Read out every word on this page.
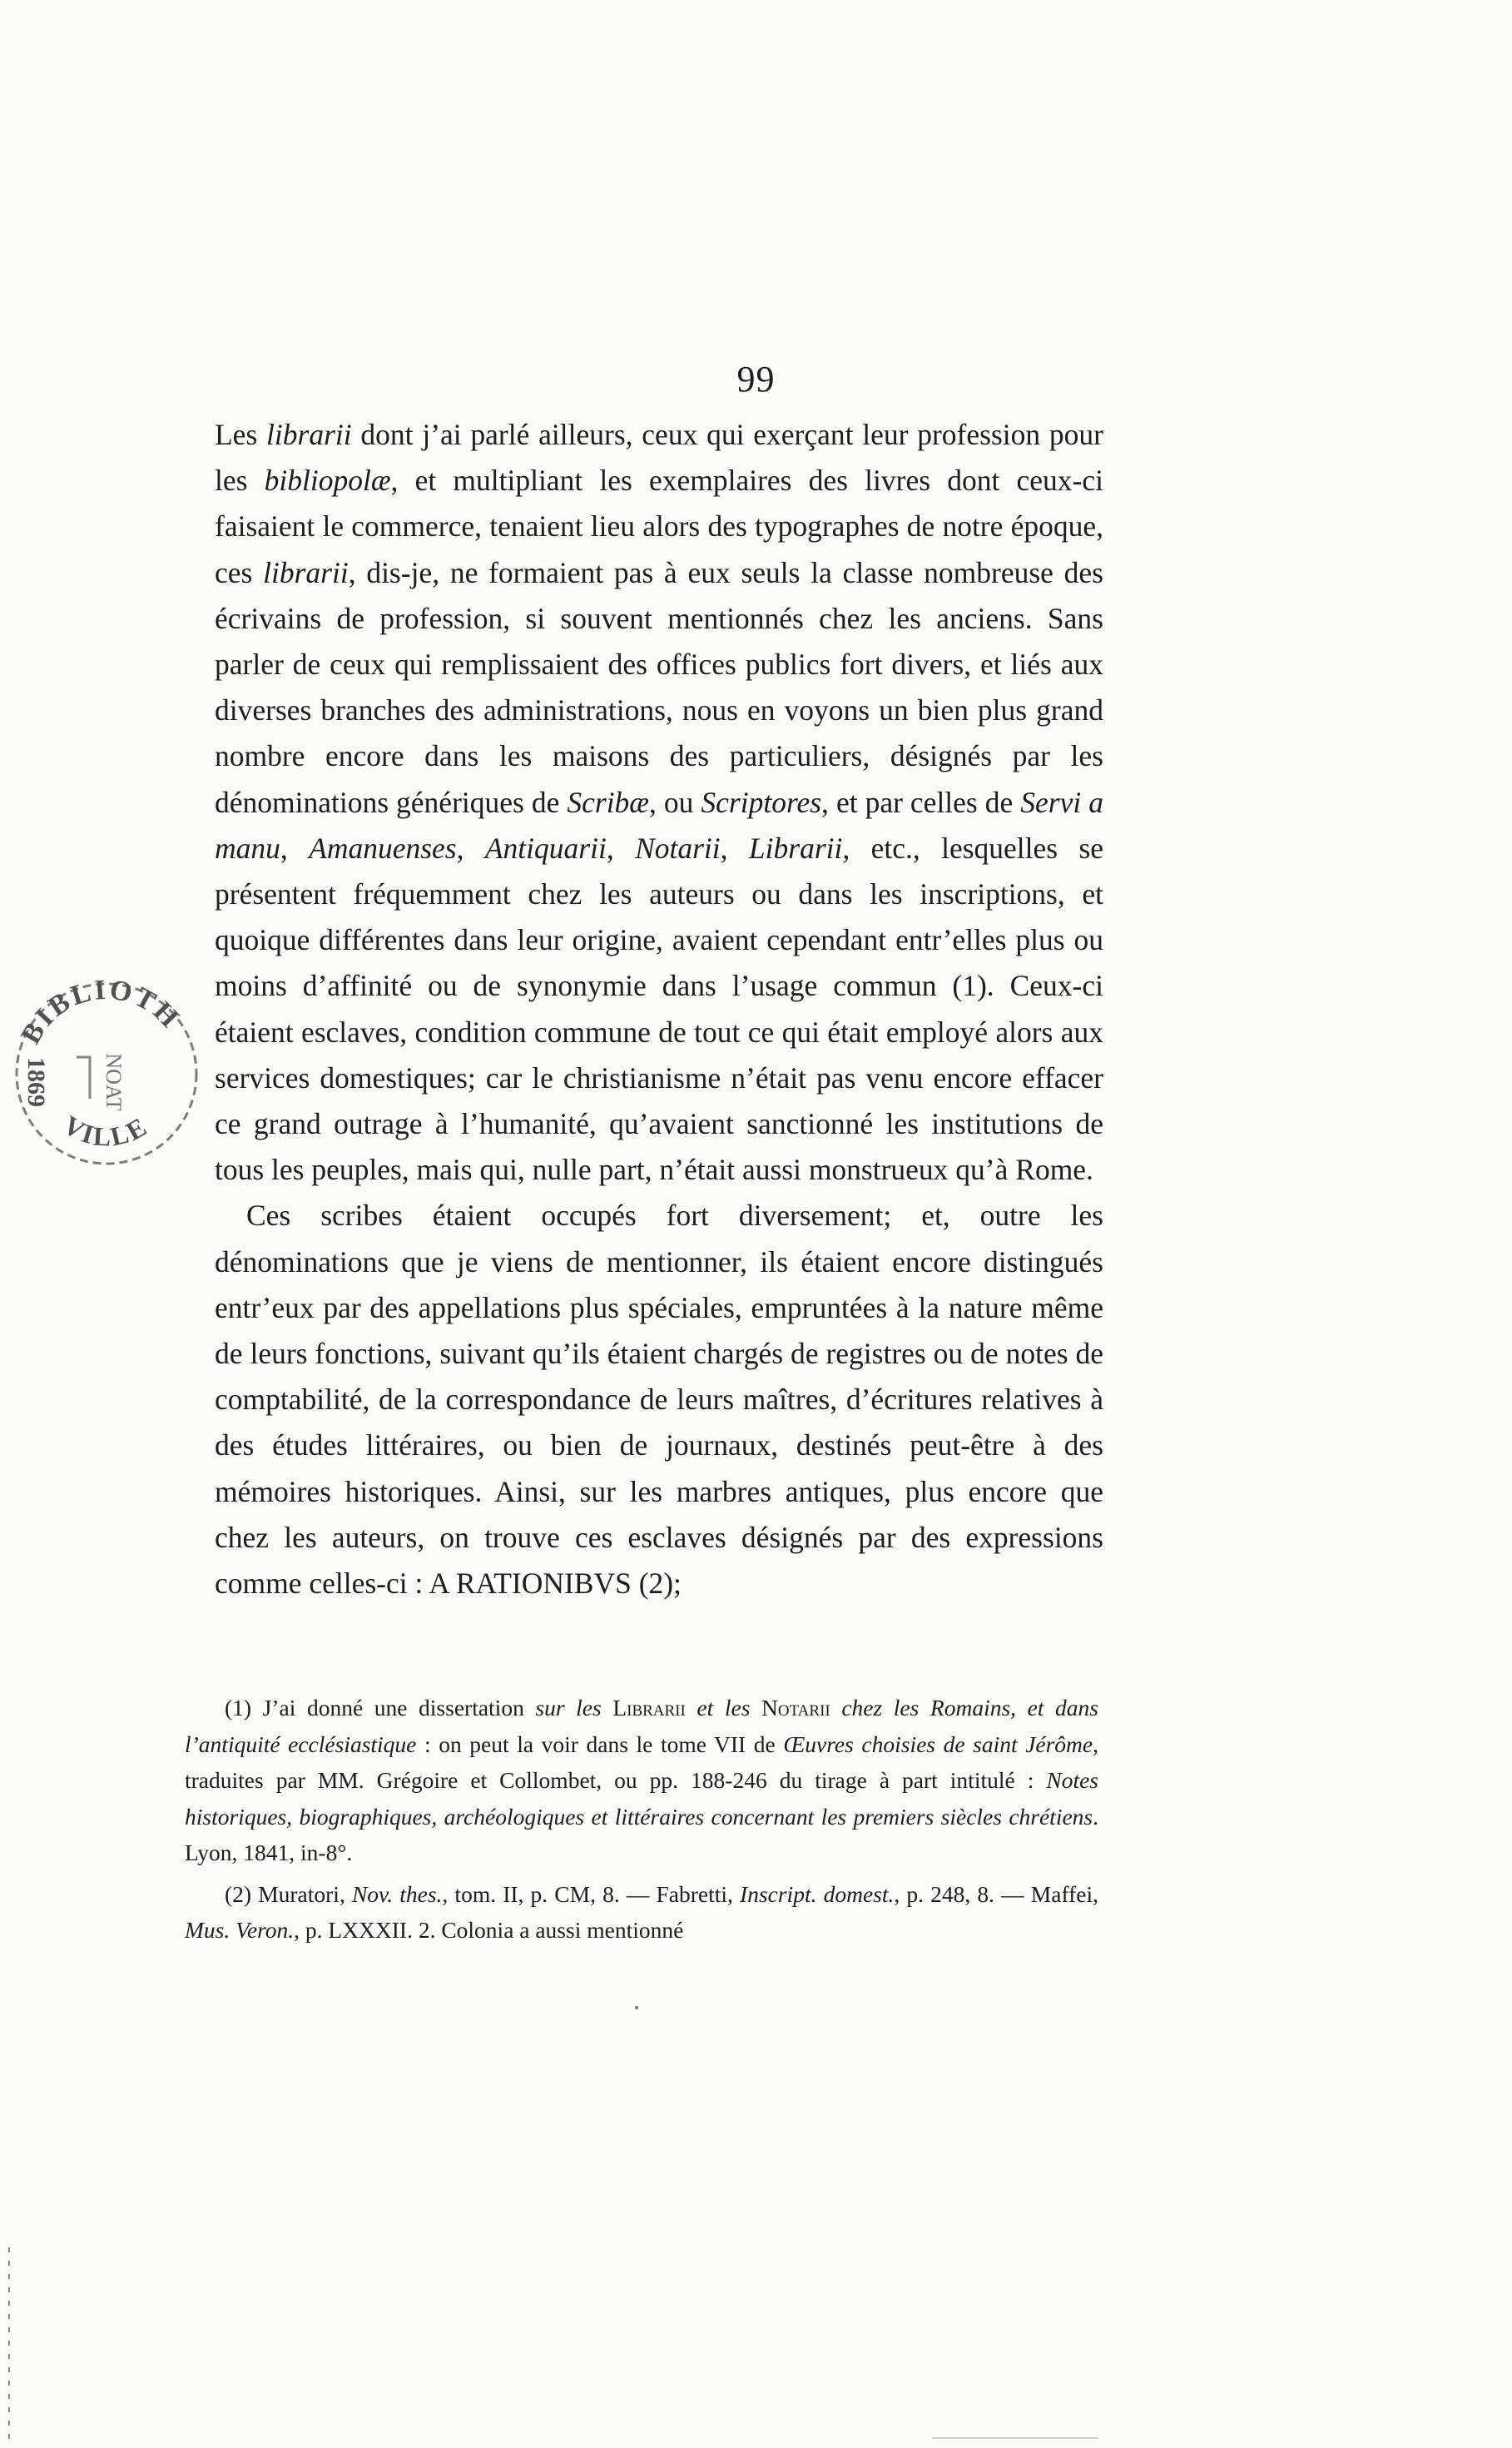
99

Les librarii dont j’ai parlé ailleurs, ceux qui exerçant leur profession pour les bibliopolæ, et multipliant les exemplaires des livres dont ceux-ci faisaient le commerce, tenaient lieu alors des typographes de notre époque, ces librarii, dis-je, ne formaient pas à eux seuls la classe nombreuse des écrivains de profession, si souvent mentionnés chez les anciens. Sans parler de ceux qui remplissaient des offices publics fort divers, et liés aux diverses branches des administrations, nous en voyons un bien plus grand nombre encore dans les maisons des particuliers, désignés par les dénominations génériques de Scribæ, ou Scriptores, et par celles de Servi a manu, Amanuenses, Antiquarii, Notarii, Librarii, etc., lesquelles se présentent fréquemment chez les auteurs ou dans les inscriptions, et quoique différentes dans leur origine, avaient cependant entr’elles plus ou moins d’affinité ou de synonymie dans l’usage commun (1). Ceux-ci étaient esclaves, condition commune de tout ce qui était employé alors aux services domestiques; car le christianisme n’était pas venu encore effacer ce grand outrage à l’humanité, qu’avaient sanctionné les institutions de tous les peuples, mais qui, nulle part, n’était aussi monstrueux qu’à Rome.

Ces scribes étaient occupés fort diversement; et, outre les dénominations que je viens de mentionner, ils étaient encore distingués entr’eux par des appellations plus spéciales, empruntées à la nature même de leurs fonctions, suivant qu’ils étaient chargés de registres ou de notes de comptabilité, de la correspondance de leurs maîtres, d’écritures relatives à des études littéraires, ou bien de journaux, destinés peut-être à des mémoires historiques. Ainsi, sur les marbres antiques, plus encore que chez les auteurs, on trouve ces esclaves désignés par des expressions comme celles-ci : A RATIONIBVS (2);

(1) J’ai donné une dissertation sur les Librarii et les Notarii chez les Romains, et dans l’antiquité ecclésiastique : on peut la voir dans le tome VII de Œuvres choisies de saint Jérôme, traduites par MM. Grégoire et Collombet, ou pp. 188-246 du tirage à part intitulé : Notes historiques, biographiques, archéologiques et littéraires concernant les premiers siècles chrétiens. Lyon, 1841, in-8°.

(2) Muratori, Nov. thes., tom. II, p. CM, 8. — Fabretti, Inscript. domest., p. 248, 8. — Maffei, Mus. Veron., p. LXXXII. 2. Colonia a aussi mentionné

BIBLIOTH
VILLE
1869 NOAT
